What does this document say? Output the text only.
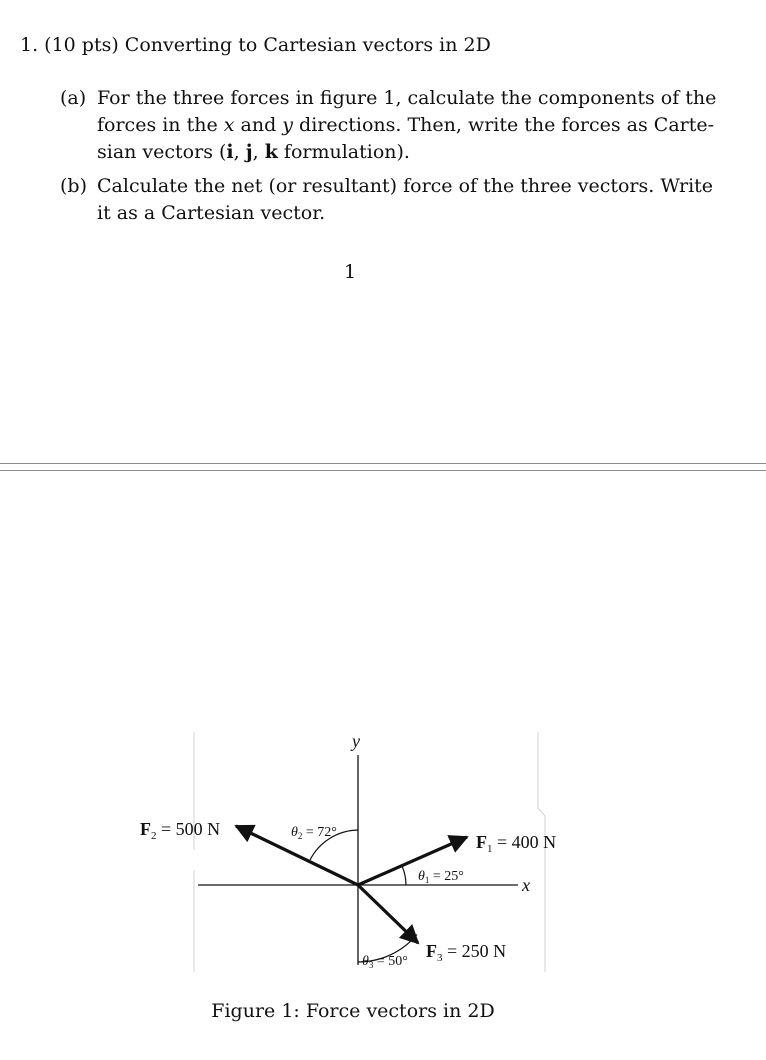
1. (10 pts) Converting to Cartesian vectors in 2D
(a) For the three forces in figure 1, calculate the components of the forces in the x and y directions. Then, write the forces as Carte-sian vectors (i, j, k formulation).
(b) Calculate the net (or resultant) force of the three vectors. Write it as a Cartesian vector.
1
y
x
$F_1 = 400$ N
$\theta_1 = 25^\circ$
$F_2 = 500$ N	$\theta_2 = 72^\circ$
$F_3 = 250$ N
$\theta_3 = 50^\circ$
Figure 1: Force vectors in 2D
